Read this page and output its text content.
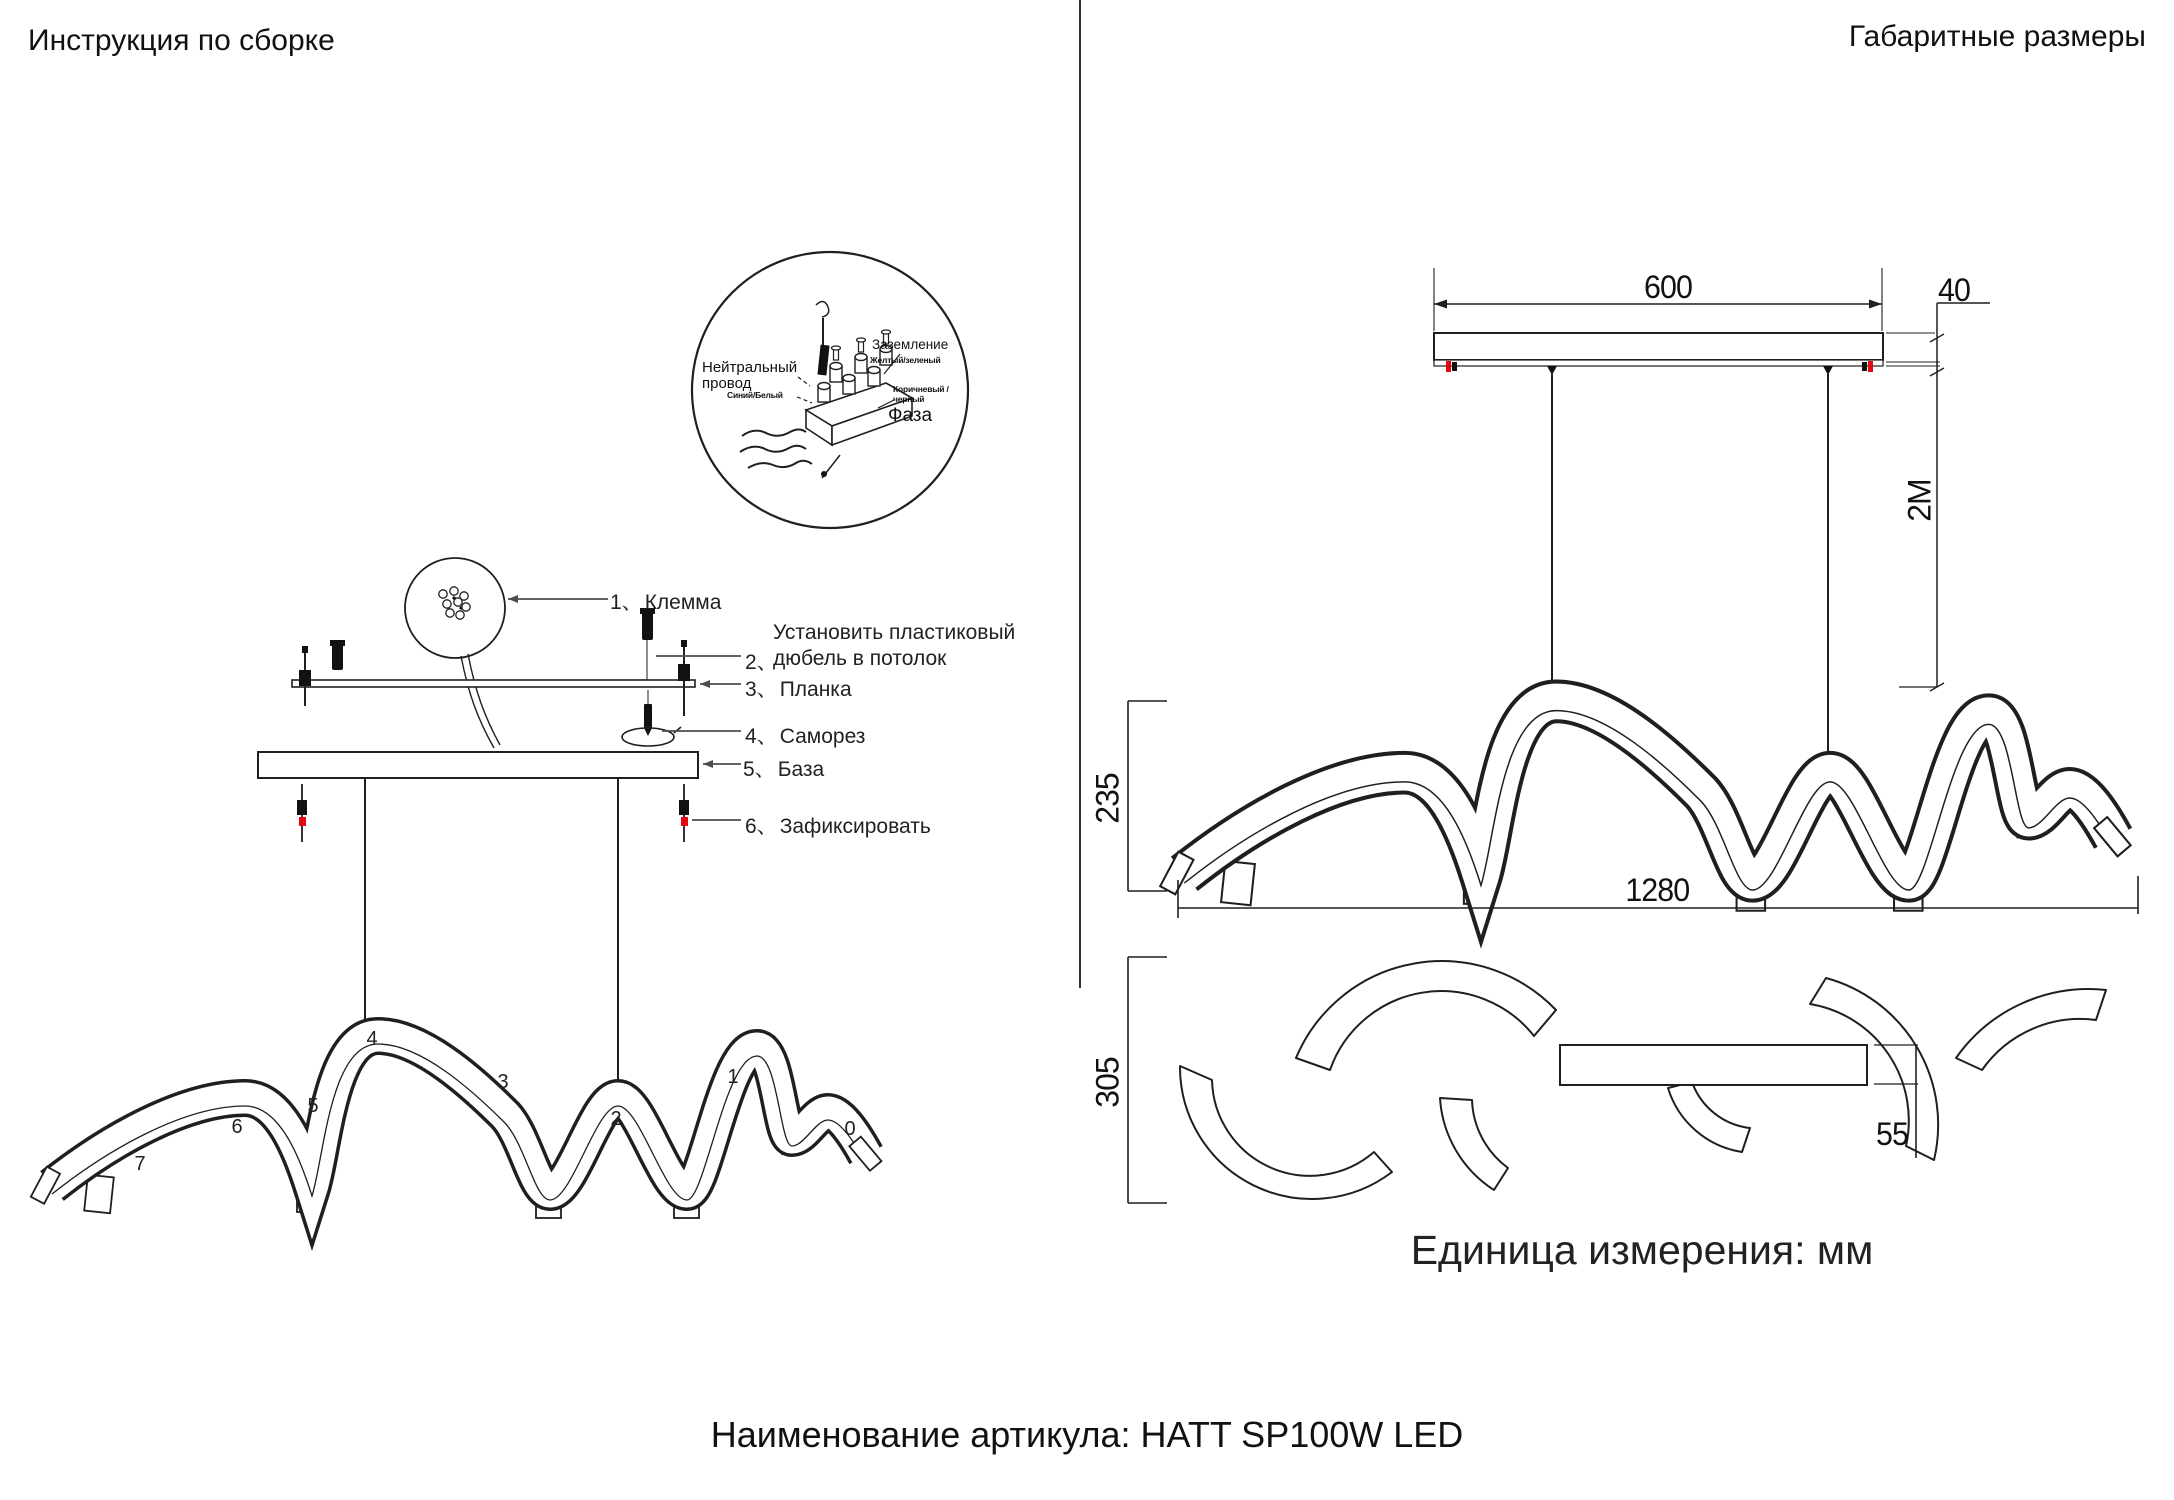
Инструкция по сборке	Габаритные размеры
Нейтральный провод
Синий/Белый
Заземление
Желтый/зеленый
Коричневый /черный
Фаза
1、Клемма
2、
Установить пластиковый дюбель в потолок
3、Планка
4、Саморез
5、База
6、Зафиксировать
7
6
5
4
3
2
1
0
600	40
2M
235
1280
305
55
Единица измерения: мм
Наименование артикула: HATT SP100W LED
